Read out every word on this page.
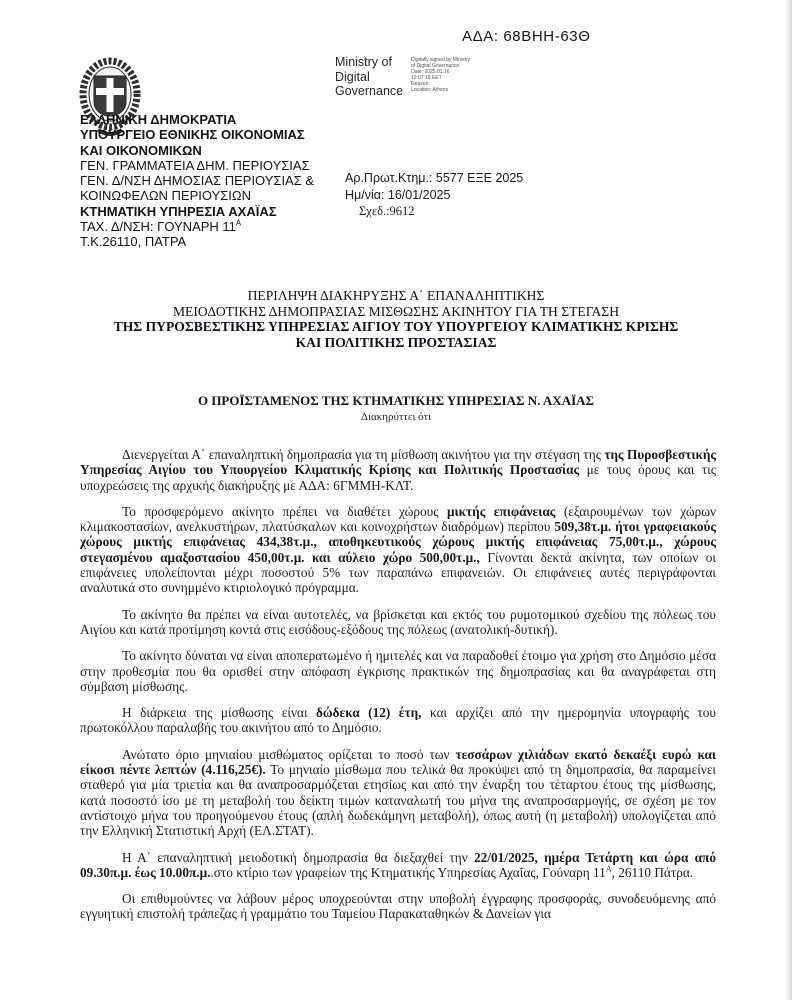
ΑΔΑ: 68ΒΗΗ-63Θ
Ministry of
Digital
Governance
Digitally signed by Ministry
of Digital Governance
Date: 2025.01.16
12:07:19 EET
Reason:
Location: Athens
ΕΛΛΗΝΙΚΗ ΔΗΜΟΚΡΑΤΙΑ
ΥΠΟΥΡΓΕΙΟ ΕΘΝΙΚΗΣ ΟΙΚΟΝΟΜΙΑΣ
ΚΑΙ ΟΙΚΟΝΟΜΙΚΩΝ
ΓΕΝ. ΓΡΑΜΜΑΤΕΙΑ ΔΗΜ. ΠΕΡΙΟΥΣΙΑΣ
ΓΕΝ. Δ/ΝΣΗ ΔΗΜΟΣΙΑΣ ΠΕΡΙΟΥΣΙΑΣ &
ΚΟΙΝΩΦΕΛΩΝ ΠΕΡΙΟΥΣΙΩΝ
ΚΤΗΜΑΤΙΚΗ ΥΠΗΡΕΣΙΑ ΑΧΑΪΑΣ
ΤΑΧ. Δ/ΝΣΗ: ΓΟΥΝΑΡΗ $11^A$
Τ.Κ.26110, ΠΑΤΡΑ
Αρ.Πρωτ.Κτημ.: 5577 ΕΞΕ 2025
Ημ/νία: 16/01/2025
Σχεδ.:9612
ΠΕΡΙΛΗΨΗ ΔΙΑΚΗΡΥΞΗΣ Α΄ ΕΠΑΝΑΛΗΠΤΙΚΗΣ
ΜΕΙΟΔΟΤΙΚΗΣ ΔΗΜΟΠΡΑΣΙΑΣ ΜΙΣΘΩΣΗΣ ΑΚΙΝΗΤΟΥ ΓΙΑ ΤΗ ΣΤΕΓΑΣΗ
ΤΗΣ ΠΥΡΟΣΒΕΣΤΙΚΗΣ ΥΠΗΡΕΣΙΑΣ ΑΙΓΙΟΥ ΤΟΥ ΥΠΟΥΡΓΕΙΟΥ ΚΛΙΜΑΤΙΚΗΣ ΚΡΙΣΗΣ
ΚΑΙ ΠΟΛΙΤΙΚΗΣ ΠΡΟΣΤΑΣΙΑΣ
Ο ΠΡΟΪΣΤΑΜΕΝΟΣ ΤΗΣ ΚΤΗΜΑΤΙΚΗΣ ΥΠΗΡΕΣΙΑΣ Ν. ΑΧΑΪΑΣ
Διακηρύττει ότι

Διενεργείται Α΄ επαναληπτική δημοπρασία για τη μίσθωση ακινήτου για την στέγαση της της Πυροσβεστικής Υπηρεσίας Αιγίου του Υπουργείου Κλιματικής Κρίσης και Πολιτικής Προστασίας με τους όρους και τις υποχρεώσεις της αρχικής διακήρυξης με ΑΔΑ: 6ΓΜΜΗ-ΚΛΤ.

Το προσφερόμενο ακίνητο πρέπει να διαθέτει χώρους μικτής επιφάνειας (εξαιρουμένων των χώρων κλιμακοστασίων, ανελκυστήρων, πλατύσκαλων και κοινοχρήστων διαδρόμων) περίπου 509,38τ.μ. ήτοι γραφειακούς χώρους μικτής επιφάνειας 434,38τ.μ., αποθηκευτικούς χώρους μικτής επιφάνειας 75,00τ.μ., χώρους στεγασμένου αμαξοστασίου 450,00τ.μ. και αύλειο χώρο 500,00τ.μ., Γίνονται δεκτά ακίνητα, των οποίων οι επιφάνειες υπολείπονται μέχρι ποσοστού 5% των παραπάνω επιφανειών. Οι επιφάνειες αυτές περιγράφονται αναλυτικά στο συνημμένο κτιριολογικό πρόγραμμα.

Το ακίνητο θα πρέπει να είναι αυτοτελές, να βρίσκεται και εκτός του ρυμοτομικού σχεδίου της πόλεως του Αιγίου και κατά προτίμηση κοντά στις εισόδους-εξόδους της πόλεως (ανατολική-δυτική).

Το ακίνητο δύναται να είναι αποπερατωμένο ή ημιτελές και να παραδοθεί έτοιμο για χρήση στο Δημόσιο μέσα στην προθεσμία που θα ορισθεί στην απόφαση έγκρισης πρακτικών της δημοπρασίας και θα αναγράφεται στη σύμβαση μίσθωσης.

Η διάρκεια της μίσθωσης είναι δώδεκα (12) έτη, και αρχίζει από την ημερομηνία υπογραφής του πρωτοκόλλου παραλαβής του ακινήτου από το Δημόσιο.

Ανώτατο όριο μηνιαίου μισθώματος ορίζεται το ποσό των τεσσάρων χιλιάδων εκατό δεκαέξι ευρώ και είκοσι πέντε λεπτών (4.116,25€). Το μηνιαίο μίσθωμα που τελικά θα προκύψει από τη δημοπρασία, θα παραμείνει σταθερό για μία τριετία και θα αναπροσαρμόζεται ετησίως και από την έναρξη του τέταρτου έτους της μίσθωσης, κατά ποσοστό ίσο με τη μεταβολή του δείκτη τιμών καταναλωτή του μήνα της αναπροσαρμογής, σε σχέση με τον αντίστοιχο μήνα του προηγούμενου έτους (απλή δωδεκάμηνη μεταβολή), όπως αυτή (η μεταβολή) υπολογίζεται από την Ελληνική Στατιστική Αρχή (ΕΛ.ΣΤΑΤ).

Η Α΄ επαναληπτική μειοδοτική δημοπρασία θα διεξαχθεί την 22/01/2025, ημέρα Τετάρτη και ώρα από 09.30π.μ. έως 10.00π.μ..στο κτίριο των γραφείων της Κτηματικής Υπηρεσίας Αχαΐας, Γούναρη $11^A$, 26110 Πάτρα.

Οι επιθυμούντες να λάβουν μέρος υποχρεούνται στην υποβολή έγγραφης προσφοράς, συνοδευόμενης από εγγυητική επιστολή τράπεζας ή γραμμάτιο του Ταμείου Παρακαταθηκών & Δανείων για
